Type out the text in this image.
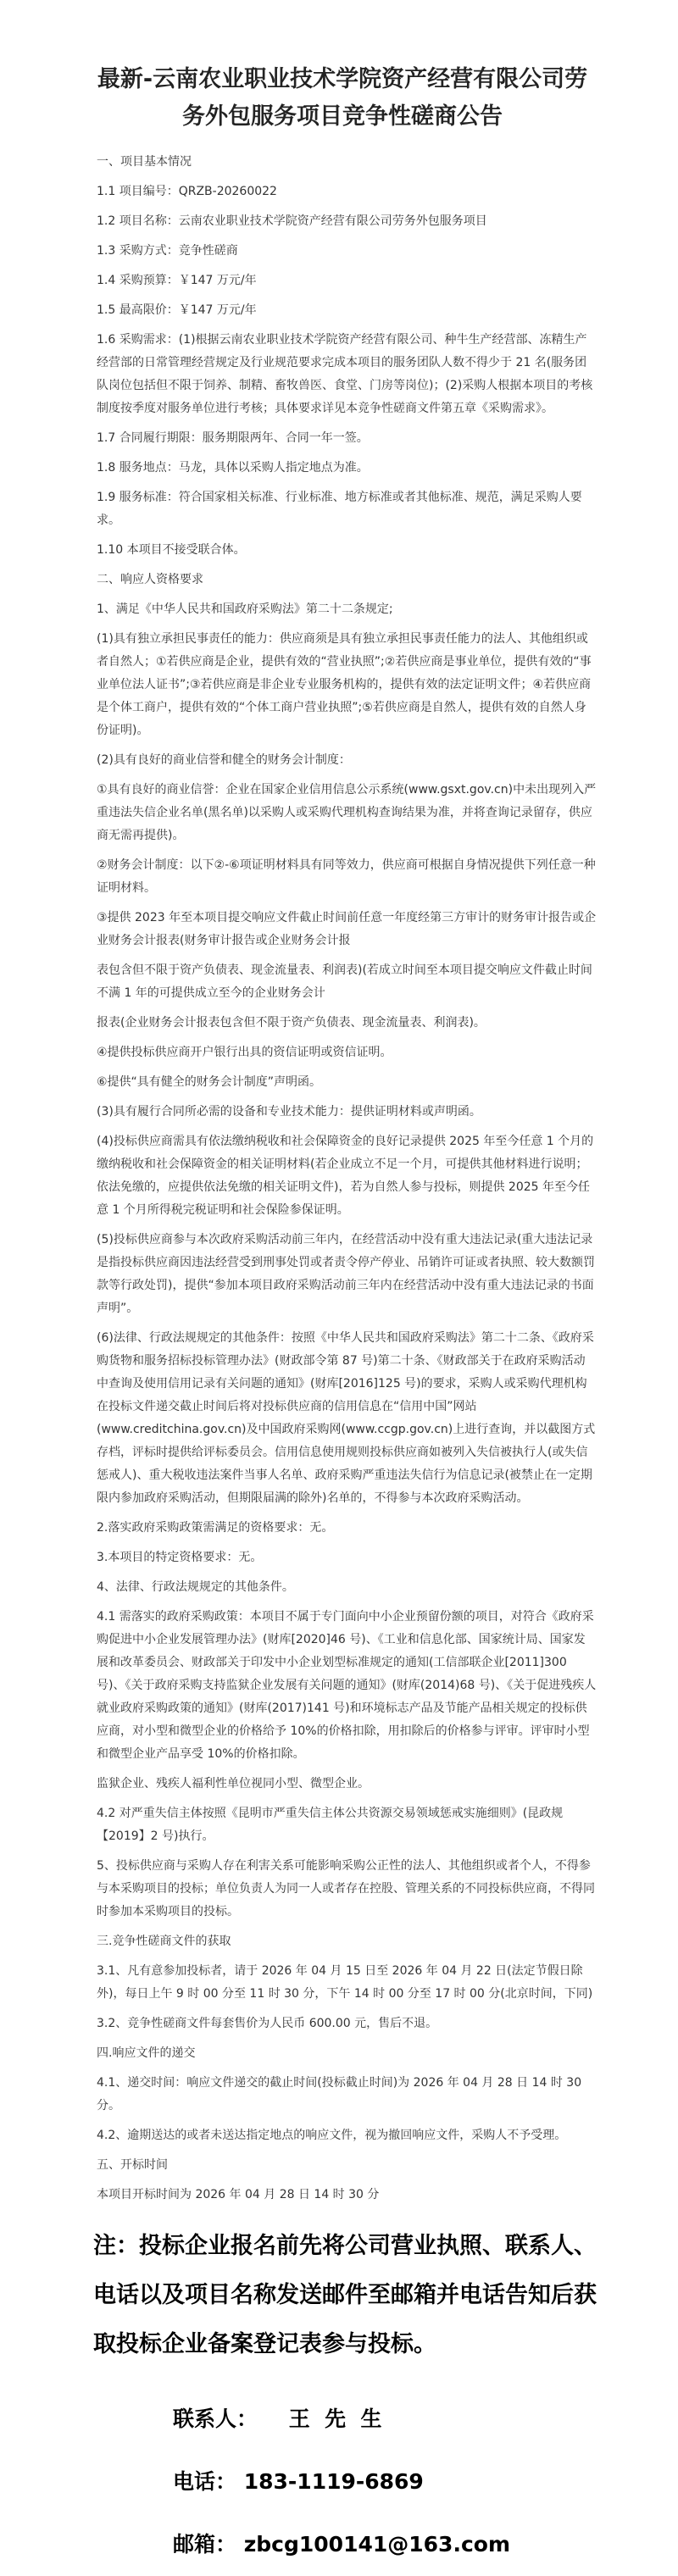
最新-云南农业职业技术学院资产经营有限公司劳务外包服务项目竞争性磋商公告

一、项目基本情况

1.1 项目编号：QRZB-20260022

1.2 项目名称：云南农业职业技术学院资产经营有限公司劳务外包服务项目

1.3 采购方式：竞争性磋商

1.4 采购预算：￥147 万元/年

1.5 最高限价：￥147 万元/年

1.6 采购需求：(1)根据云南农业职业技术学院资产经营有限公司、种牛生产经营部、冻精生产经营部的日常管理经营规定及行业规范要求完成本项目的服务团队人数不得少于 21 名(服务团队岗位包括但不限于饲养、制精、畜牧兽医、食堂、门房等岗位)；(2)采购人根据本项目的考核制度按季度对服务单位进行考核；具体要求详见本竞争性磋商文件第五章《采购需求》。

1.7 合同履行期限：服务期限两年、合同一年一签。

1.8 服务地点：马龙，具体以采购人指定地点为准。

1.9 服务标准：符合国家相关标准、行业标准、地方标准或者其他标准、规范，满足采购人要求。

1.10 本项目不接受联合体。

二、响应人资格要求

1、满足《中华人民共和国政府采购法》第二十二条规定;

(1)具有独立承担民事责任的能力：供应商须是具有独立承担民事责任能力的法人、其他组织或者自然人；①若供应商是企业，提供有效的“营业执照”;②若供应商是事业单位，提供有效的“事业单位法人证书”;③若供应商是非企业专业服务机构的，提供有效的法定证明文件；④若供应商是个体工商户，提供有效的“个体工商户营业执照”;⑤若供应商是自然人，提供有效的自然人身份证明)。

(2)具有良好的商业信誉和健全的财务会计制度：

①具有良好的商业信誉：企业在国家企业信用信息公示系统(www.gsxt.gov.cn)中未出现列入严重违法失信企业名单(黑名单)以采购人或采购代理机构查询结果为准，并将查询记录留存，供应商无需再提供)。

②财务会计制度：以下②-⑥项证明材料具有同等效力，供应商可根据自身情况提供下列任意一种证明材料。

③提供 2023 年至本项目提交响应文件截止时间前任意一年度经第三方审计的财务审计报告或企业财务会计报表(财务审计报告或企业财务会计报

表包含但不限于资产负债表、现金流量表、利润表)(若成立时间至本项目提交响应文件截止时间不满 1 年的可提供成立至今的企业财务会计

报表(企业财务会计报表包含但不限于资产负债表、现金流量表、利润表)。

④提供投标供应商开户银行出具的资信证明或资信证明。

⑥提供“具有健全的财务会计制度”声明函。

(3)具有履行合同所必需的设备和专业技术能力：提供证明材料或声明函。

(4)投标供应商需具有依法缴纳税收和社会保障资金的良好记录提供 2025 年至今任意 1 个月的缴纳税收和社会保障资金的相关证明材料(若企业成立不足一个月，可提供其他材料进行说明；依法免缴的，应提供依法免缴的相关证明文件)，若为自然人参与投标，则提供 2025 年至今任意 1 个月所得税完税证明和社会保险参保证明。

(5)投标供应商参与本次政府采购活动前三年内，在经营活动中没有重大违法记录(重大违法记录是指投标供应商因违法经营受到刑事处罚或者责令停产停业、吊销许可证或者执照、较大数额罚款等行政处罚)，提供“参加本项目政府采购活动前三年内在经营活动中没有重大违法记录的书面声明”。

(6)法律、行政法规规定的其他条件：按照《中华人民共和国政府采购法》第二十二条、《政府采购货物和服务招标投标管理办法》(财政部令第 87 号)第二十条、《财政部关于在政府采购活动中查询及使用信用记录有关问题的通知》(财库[2016]125 号)的要求，采购人或采购代理机构在投标文件递交截止时间后将对投标供应商的信用信息在“信用中国”网站(www.creditchina.gov.cn)及中国政府采购网(www.ccgp.gov.cn)上进行查询，并以截图方式存档，评标时提供给评标委员会。信用信息使用规则投标供应商如被列入失信被执行人(或失信惩戒人)、重大税收违法案件当事人名单、政府采购严重违法失信行为信息记录(被禁止在一定期限内参加政府采购活动，但期限届满的除外)名单的，不得参与本次政府采购活动。

2.落实政府采购政策需满足的资格要求：无。

3.本项目的特定资格要求：无。

4、法律、行政法规规定的其他条件。

4.1 需落实的政府采购政策：本项目不属于专门面向中小企业预留份额的项目，对符合《政府采购促进中小企业发展管理办法》(财库[2020]46 号)、《工业和信息化部、国家统计局、国家发展和改革委员会、财政部关于印发中小企业划型标准规定的通知(工信部联企业[2011]300 号)、《关于政府采购支持监狱企业发展有关问题的通知》(财库(2014)68 号)、《关于促进残疾人就业政府采购政策的通知》(财库(2017)141 号)和环境标志产品及节能产品相关规定的投标供应商，对小型和微型企业的价格给予 10%的价格扣除，用扣除后的价格参与评审。评审时小型和微型企业产品享受 10%的价格扣除。

监狱企业、残疾人福利性单位视同小型、微型企业。

4.2 对严重失信主体按照《昆明市严重失信主体公共资源交易领域惩戒实施细则》(昆政规【2019】2 号)执行。

5、投标供应商与采购人存在利害关系可能影响采购公正性的法人、其他组织或者个人，不得参与本采购项目的投标；单位负责人为同一人或者存在控股、管理关系的不同投标供应商，不得同时参加本采购项目的投标。

三.竞争性磋商文件的获取

3.1、凡有意参加投标者，请于 2026 年 04 月 15 日至 2026 年 04 月 22 日(法定节假日除外)，每日上午 9 时 00 分至 11 时 30 分，下午 14 时 00 分至 17 时 00 分(北京时间，下同)

3.2、竞争性磋商文件每套售价为人民币 600.00 元，售后不退。

四.响应文件的递交

4.1、递交时间：响应文件递交的截止时间(投标截止时间)为 2026 年 04 月 28 日 14 时 30 分。

4.2、逾期送达的或者未送达指定地点的响应文件，视为撤回响应文件，采购人不予受理。

五、开标时间

本项目开标时间为 2026 年 04 月 28 日 14 时 30 分

注：投标企业报名前先将公司营业执照、联系人、电话以及项目名称发送邮件至邮箱并电话告知后获取投标企业备案登记表参与投标。
联系人： 王  先  生
电话： 183-1119-6869
邮箱： zbcg100141@163.com
